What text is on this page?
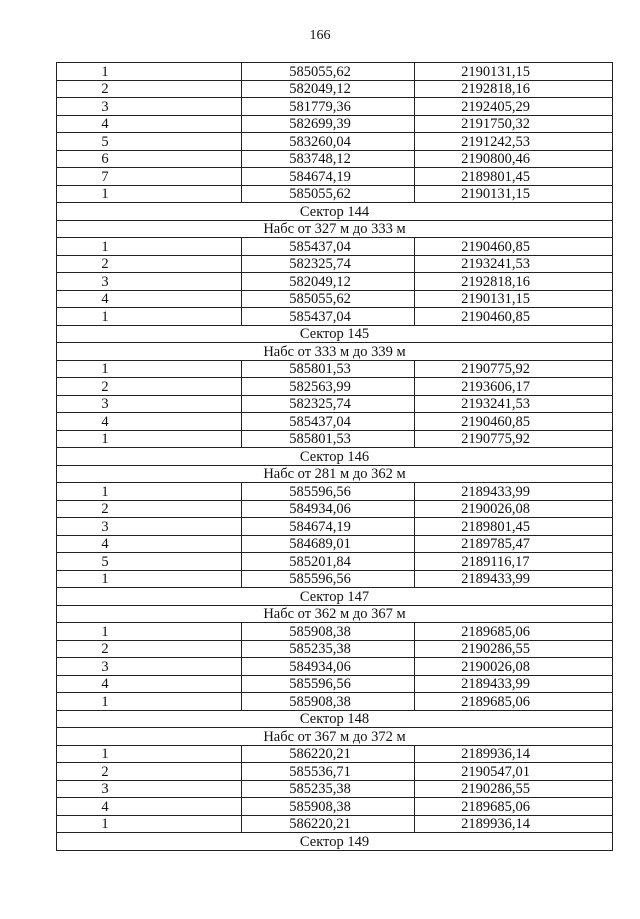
166
1	585055,62	2190131,15
2	582049,12	2192818,16
3	581779,36	2192405,29
4	582699,39	2191750,32
5	583260,04	2191242,53
6	583748,12	2190800,46
7	584674,19	2189801,45
1	585055,62	2190131,15
Сектор 144		
Набс от 327 м до 333 м		
1	585437,04	2190460,85
2	582325,74	2193241,53
3	582049,12	2192818,16
4	585055,62	2190131,15
1	585437,04	2190460,85
Сектор 145		
Набс от 333 м до 339 м		
1	585801,53	2190775,92
2	582563,99	2193606,17
3	582325,74	2193241,53
4	585437,04	2190460,85
1	585801,53	2190775,92
Сектор 146		
Набс от 281 м до 362 м		
1	585596,56	2189433,99
2	584934,06	2190026,08
3	584674,19	2189801,45
4	584689,01	2189785,47
5	585201,84	2189116,17
1	585596,56	2189433,99
Сектор 147		
Набс от 362 м до 367 м		
1	585908,38	2189685,06
2	585235,38	2190286,55
3	584934,06	2190026,08
4	585596,56	2189433,99
1	585908,38	2189685,06
Сектор 148		
Набс от 367 м до 372 м		
1	586220,21	2189936,14
2	585536,71	2190547,01
3	585235,38	2190286,55
4	585908,38	2189685,06
1	586220,21	2189936,14
Сектор 149		
